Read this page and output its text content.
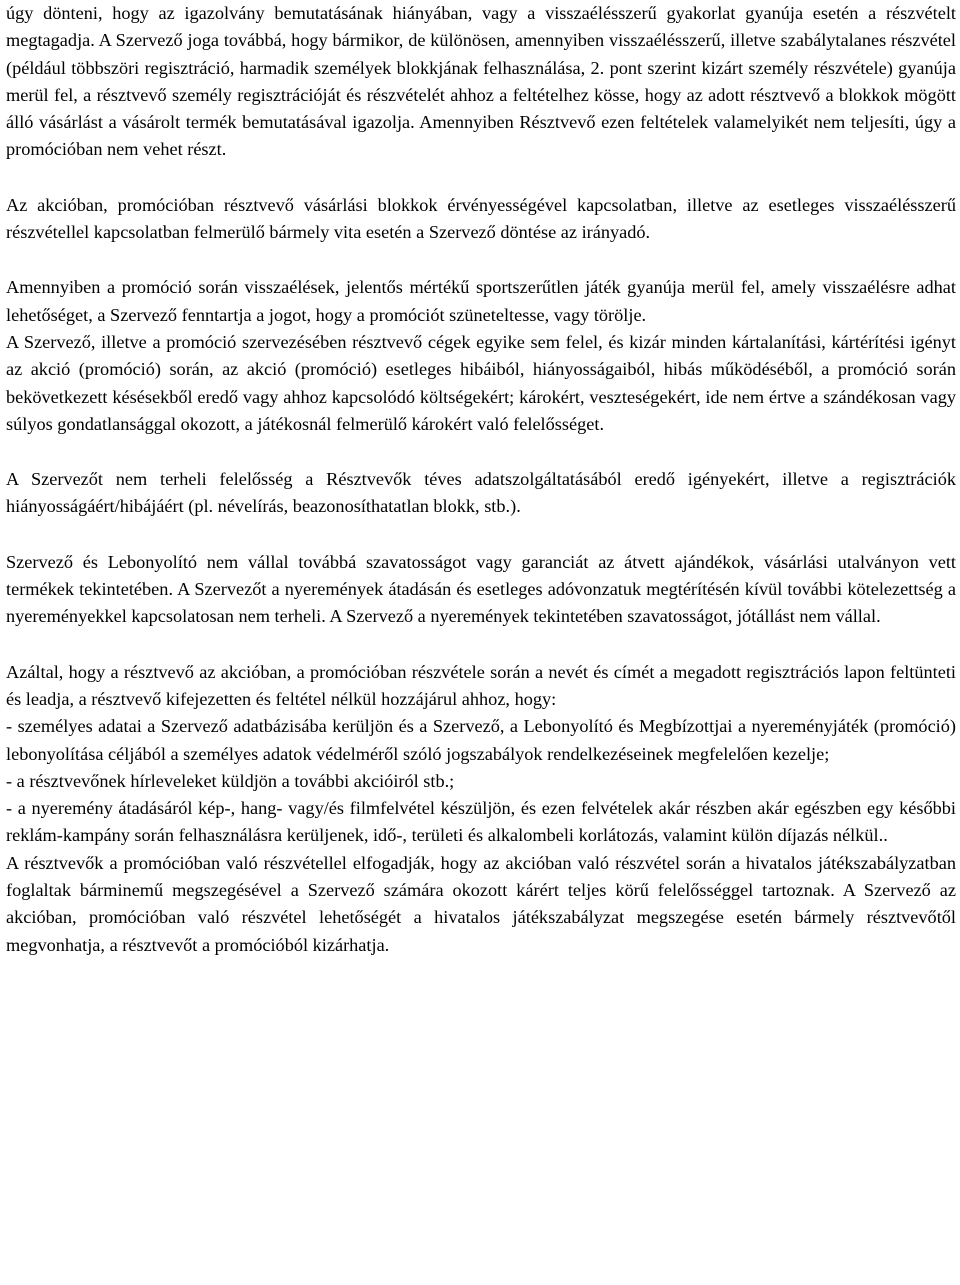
úgy dönteni, hogy az igazolvány bemutatásának hiányában, vagy a visszaélésszerű gyakorlat gyanúja esetén a részvételt megtagadja. A Szervező joga továbbá, hogy bármikor, de különösen, amennyiben visszaélésszerű, illetve szabálytalanes részvétel (például többszöri regisztráció, harmadik személyek blokkjának felhasználása, 2. pont szerint kizárt személy részvétele) gyanúja merül fel, a résztvevő személy regisztrációját és részvételét ahhoz a feltételhez kösse, hogy az adott résztvevő a blokkok mögött álló vásárlást a vásárolt termék bemutatásával igazolja. Amennyiben Résztvevő ezen feltételek valamelyikét nem teljesíti, úgy a promócióban nem vehet részt.

Az akcióban, promócióban résztvevő vásárlási blokkok érvényességével kapcsolatban, illetve az esetleges visszaélésszerű részvétellel kapcsolatban felmerülő bármely vita esetén a Szervező döntése az irányadó.

Amennyiben a promóció során visszaélések, jelentős mértékű sportszerűtlen játék gyanúja merül fel, amely visszaélésre adhat lehetőséget, a Szervező fenntartja a jogot, hogy a promóciót szüneteltesse, vagy törölje.

A Szervező, illetve a promóció szervezésében résztvevő cégek egyike sem felel, és kizár minden kártalanítási, kártérítési igényt az akció (promóció) során, az akció (promóció) esetleges hibáiból, hiányosságaiból, hibás működéséből, a promóció során bekövetkezett késésekből eredő vagy ahhoz kapcsolódó költségekért; károkért, veszteségekért, ide nem értve a szándékosan vagy súlyos gondatlansággal okozott, a játékosnál felmerülő károkért való felelősséget.

A Szervezőt nem terheli felelősség a Résztvevők téves adatszolgáltatásából eredő igényekért, illetve a regisztrációk hiányosságáért/hibájáért (pl. névelírás, beazonosíthatatlan blokk, stb.).

Szervező és Lebonyolító nem vállal továbbá szavatosságot vagy garanciát az átvett ajándékok, vásárlási utalványon vett termékek tekintetében. A Szervezőt a nyeremények átadásán és esetleges adóvonzatuk megtérítésén kívül további kötelezettség a nyereményekkel kapcsolatosan nem terheli. A Szervező a nyeremények tekintetében szavatosságot, jótállást nem vállal.

Azáltal, hogy a résztvevő az akcióban, a promócióban részvétele során a nevét és címét a megadott regisztrációs lapon feltünteti és leadja, a résztvevő kifejezetten és feltétel nélkül hozzájárul ahhoz, hogy:

- személyes adatai a Szervező adatbázisába kerüljön és a Szervező, a Lebonyolító és Megbízottjai a nyereményjáték (promóció) lebonyolítása céljából a személyes adatok védelméről szóló jogszabályok rendelkezéseinek megfelelően kezelje;

- a résztvevőnek hírleveleket küldjön a további akcióiról stb.;

- a nyeremény átadásáról kép-, hang- vagy/és filmfelvétel készüljön, és ezen felvételek akár részben akár egészben egy későbbi reklám-kampány során felhasználásra kerüljenek, idő-, területi és alkalombeli korlátozás, valamint külön díjazás nélkül..

A résztvevők a promócióban való részvétellel elfogadják, hogy az akcióban való részvétel során a hivatalos játékszabályzatban foglaltak bárminemű megszegésével a Szervező számára okozott kárért teljes körű felelősséggel tartoznak. A Szervező az akcióban, promócióban való részvétel lehetőségét a hivatalos játékszabályzat megszegése esetén bármely résztvevőtől megvonhatja, a résztvevőt a promócióból kizárhatja.
